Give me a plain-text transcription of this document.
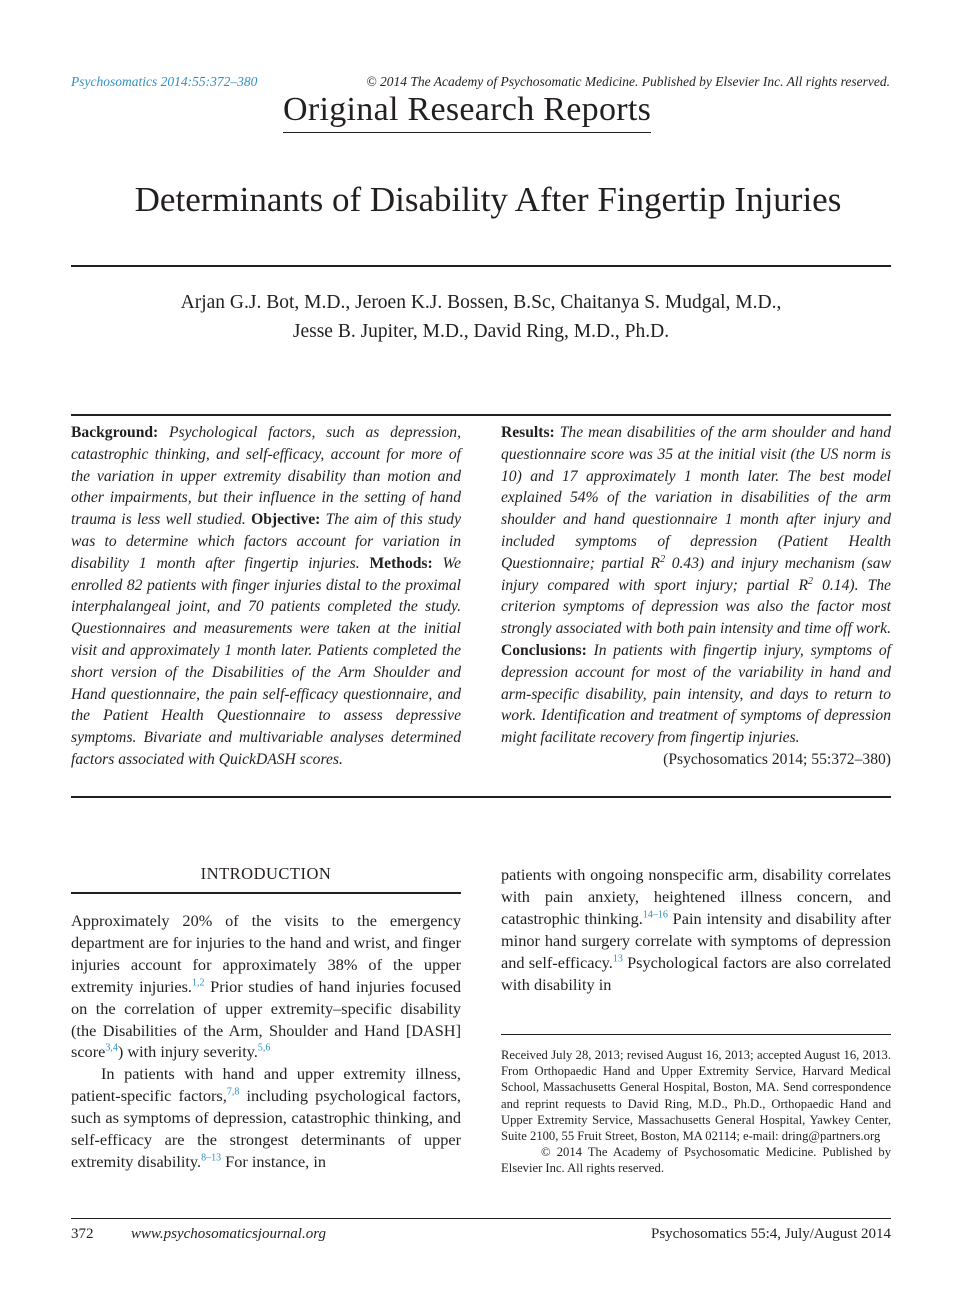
Psychosomatics 2014:55:372–380	© 2014 The Academy of Psychosomatic Medicine. Published by Elsevier Inc. All rights reserved.
Original Research Reports
Determinants of Disability After Fingertip Injuries
Arjan G.J. Bot, M.D., Jeroen K.J. Bossen, B.Sc, Chaitanya S. Mudgal, M.D.,
Jesse B. Jupiter, M.D., David Ring, M.D., Ph.D.
Background: Psychological factors, such as depression, catastrophic thinking, and self-efficacy, account for more of the variation in upper extremity disability than motion and other impairments, but their influence in the setting of hand trauma is less well studied. Objective: The aim of this study was to determine which factors account for variation in disability 1 month after fingertip injuries. Methods: We enrolled 82 patients with finger injuries distal to the proximal interphalangeal joint, and 70 patients completed the study. Questionnaires and measurements were taken at the initial visit and approximately 1 month later. Patients completed the short version of the Disabilities of the Arm Shoulder and Hand questionnaire, the pain self-efficacy questionnaire, and the Patient Health Questionnaire to assess depressive symptoms. Bivariate and multivariable analyses determined factors associated with QuickDASH scores.
Results: The mean disabilities of the arm shoulder and hand questionnaire score was 35 at the initial visit (the US norm is 10) and 17 approximately 1 month later. The best model explained 54% of the variation in disabilities of the arm shoulder and hand questionnaire 1 month after injury and included symptoms of depression (Patient Health Questionnaire; partial $R^2$ 0.43) and injury mechanism (saw injury compared with sport injury; partial $R^2$ 0.14). The criterion symptoms of depression was also the factor most strongly associated with both pain intensity and time off work. Conclusions: In patients with fingertip injury, symptoms of depression account for most of the variability in hand and arm-specific disability, pain intensity, and days to return to work. Identification and treatment of symptoms of depression might facilitate recovery from fingertip injuries.
(Psychosomatics 2014; 55:372–380)
INTRODUCTION

Approximately 20% of the visits to the emergency department are for injuries to the hand and wrist, and finger injuries account for approximately 38% of the upper extremity injuries.$^{1,2}$ Prior studies of hand injuries focused on the correlation of upper extremity–specific disability (the Disabilities of the Arm, Shoulder and Hand [DASH] score$^{3,4}$) with injury severity.$^{5,6}$

In patients with hand and upper extremity illness, patient-specific factors,$^{7,8}$ including psychological factors, such as symptoms of depression, catastrophic thinking, and self-efficacy are the strongest determinants of upper extremity disability.$^{8-13}$ For instance, in

patients with ongoing nonspecific arm, disability correlates with pain anxiety, heightened illness concern, and catastrophic thinking.$^{14-16}$ Pain intensity and disability after minor hand surgery correlate with symptoms of depression and self-efficacy.$^{13}$ Psychological factors are also correlated with disability in

Received July 28, 2013; revised August 16, 2013; accepted August 16, 2013. From Orthopaedic Hand and Upper Extremity Service, Harvard Medical School, Massachusetts General Hospital, Boston, MA. Send correspondence and reprint requests to David Ring, M.D., Ph.D., Orthopaedic Hand and Upper Extremity Service, Massachusetts General Hospital, Yawkey Center, Suite 2100, 55 Fruit Street, Boston, MA 02114; e-mail: dring@partners.org

© 2014 The Academy of Psychosomatic Medicine. Published by Elsevier Inc. All rights reserved.

372	www.psychosomaticsjournal.org	Psychosomatics 55:4, July/August 2014
